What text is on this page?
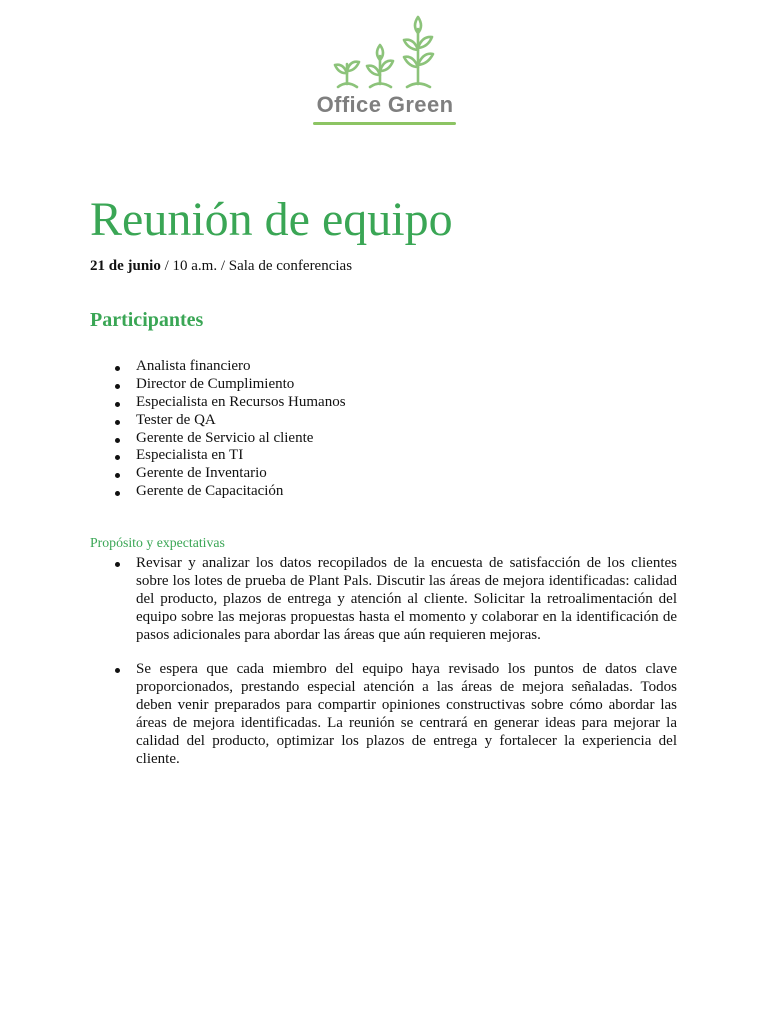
Office Green
Reunión de equipo
21 de junio / 10 a.m. / Sala de conferencias
Participantes
Analista financiero
Director de Cumplimiento
Especialista en Recursos Humanos
Tester de QA
Gerente de Servicio al cliente
Especialista en TI
Gerente de Inventario
Gerente de Capacitación
Propósito y expectativas
Revisar y analizar los datos recopilados de la encuesta de satisfacción de los clientes
sobre los lotes de prueba de Plant Pals. Discutir las áreas de mejora identificadas: calidad
del producto, plazos de entrega y atención al cliente. Solicitar la retroalimentación del
equipo sobre las mejoras propuestas hasta el momento y colaborar en la identificación de
pasos adicionales para abordar las áreas que aún requieren mejoras.
Se espera que cada miembro del equipo haya revisado los puntos de datos clave
proporcionados, prestando especial atención a las áreas de mejora señaladas. Todos
deben venir preparados para compartir opiniones constructivas sobre cómo abordar las
áreas de mejora identificadas. La reunión se centrará en generar ideas para mejorar la
calidad del producto, optimizar los plazos de entrega y fortalecer la experiencia del
cliente.
